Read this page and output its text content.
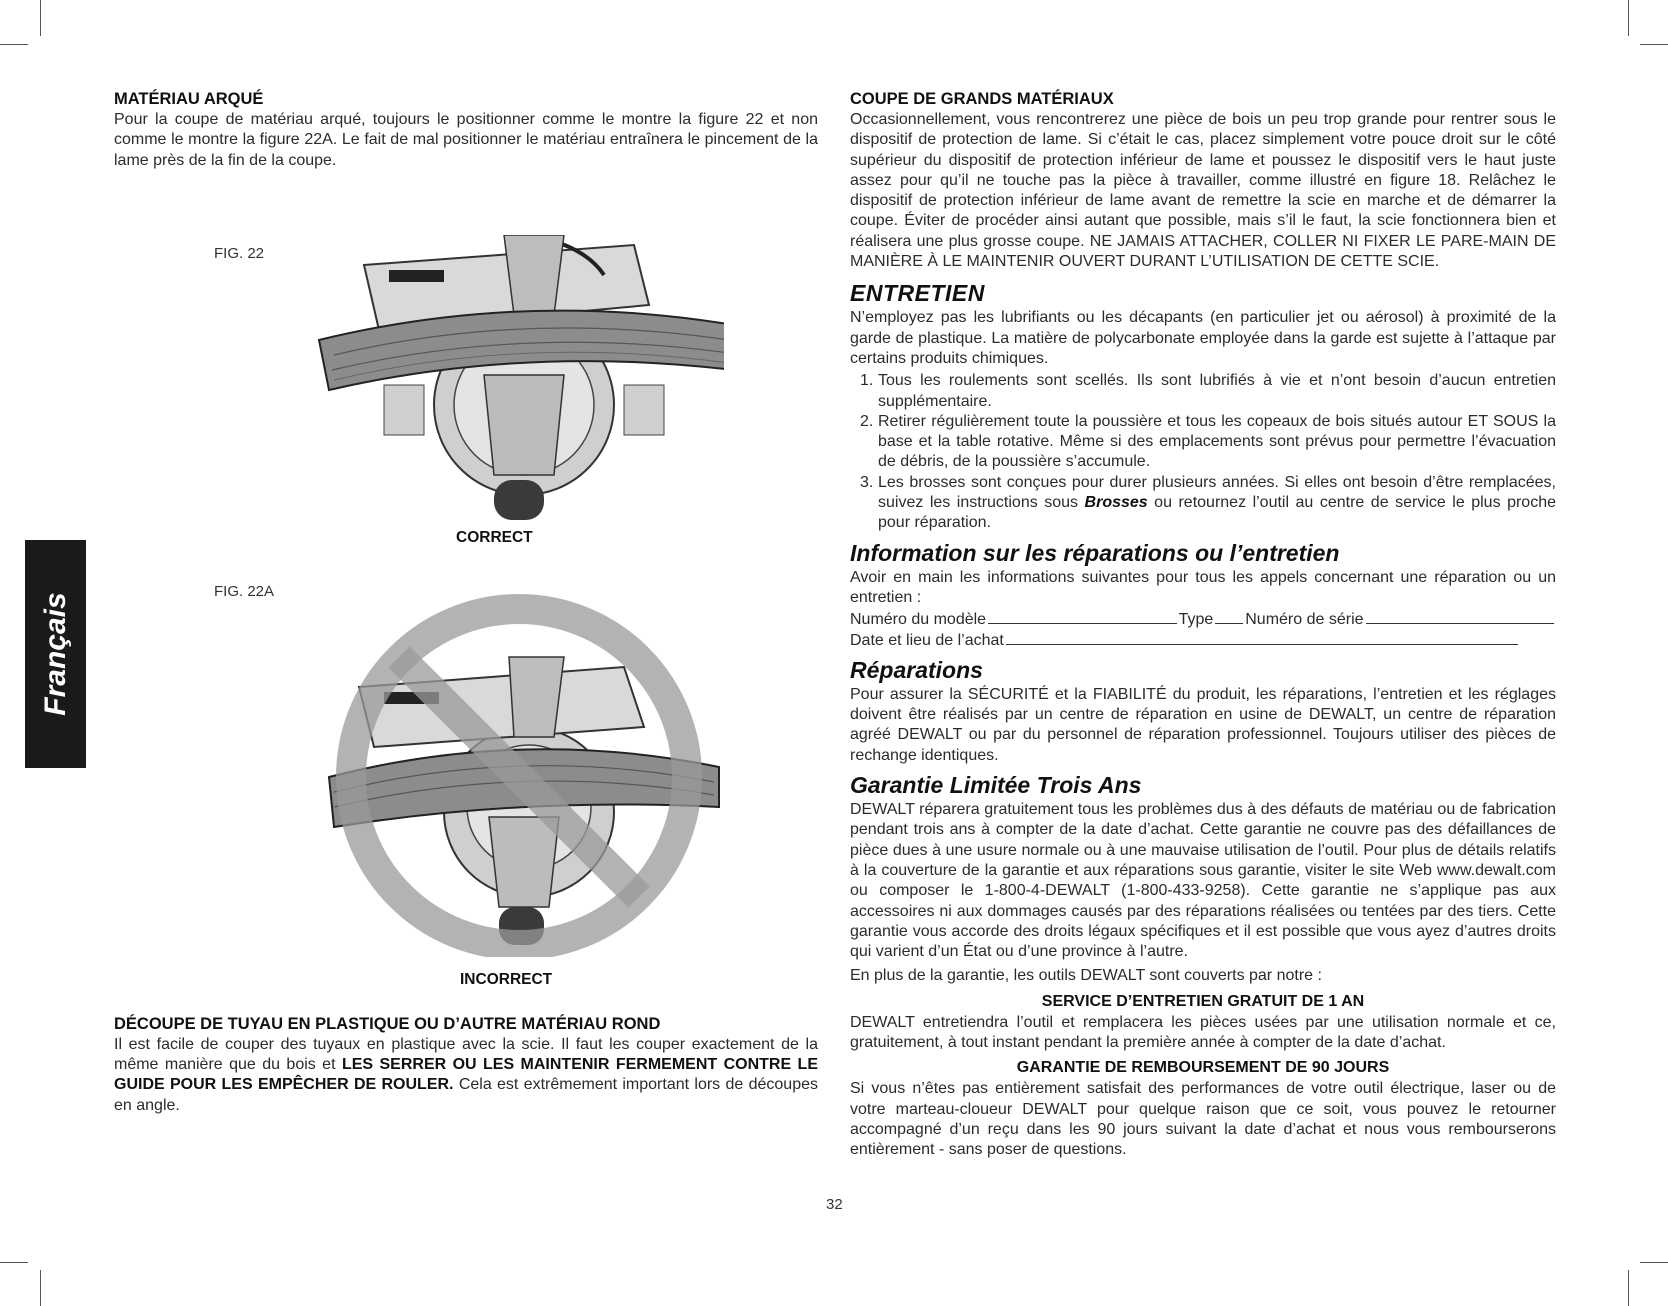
Français
MATÉRIAU ARQUÉ

Pour la coupe de matériau arqué, toujours le positionner comme le montre la figure 22 et non comme le montre la figure 22A. Le fait de mal positionner le matériau entraînera le pincement de la lame près de la fin de la coupe.

FIG. 22
CORRECT
FIG. 22A
INCORRECT
DÉCOUPE DE TUYAU EN PLASTIQUE OU D’AUTRE MATÉRIAU ROND

Il est facile de couper des tuyaux en plastique avec la scie. Il faut les couper exactement de la même manière que du bois et LES SERRER OU LES MAINTENIR FERMEMENT CONTRE LE GUIDE POUR LES EMPÊCHER DE ROULER. Cela est extrêmement important lors de découpes en angle.

COUPE DE GRANDS MATÉRIAUX

Occasionnellement, vous rencontrerez une pièce de bois un peu trop grande pour rentrer sous le dispositif de protection de lame. Si c’était le cas, placez simplement votre pouce droit sur le côté supérieur du dispositif de protection inférieur de lame et poussez le dispositif vers le haut juste assez pour qu’il ne touche pas la pièce à travailler, comme illustré en figure 18. Relâchez le dispositif de protection inférieur de lame avant de remettre la scie en marche et de démarrer la coupe. Éviter de procéder ainsi autant que possible, mais s’il le faut, la scie fonctionnera bien et réalisera une plus grosse coupe. NE JAMAIS ATTACHER, COLLER NI FIXER LE PARE-MAIN DE MANIÈRE À LE MAINTENIR OUVERT DURANT L’UTILISATION DE CETTE SCIE.

ENTRETIEN

N’employez pas les lubrifiants ou les décapants (en particulier jet ou aérosol) à proximité de la garde de plastique. La matière de polycarbonate employée dans la garde est sujette à l’attaque par certains produits chimiques.

1. Tous les roulements sont scellés. Ils sont lubrifiés à vie et n’ont besoin d’aucun entretien supplémentaire.
2. Retirer régulièrement toute la poussière et tous les copeaux de bois situés autour ET SOUS la base et la table rotative. Même si des emplacements sont prévus pour permettre l’évacuation de débris, de la poussière s’accumule.
3. Les brosses sont conçues pour durer plusieurs années. Si elles ont besoin d’être remplacées, suivez les instructions sous Brosses ou retournez l’outil au centre de service le plus proche pour réparation.
Information sur les réparations ou l’entretien

Avoir en main les informations suivantes pour tous les appels concernant une réparation ou un entretien :

Numéro du modèle	Type Numéro de série
Date et lieu de l’achat
Réparations

Pour assurer la SÉCURITÉ et la FIABILITÉ du produit, les réparations, l’entretien et les réglages doivent être réalisés par un centre de réparation en usine de DEWALT, un centre de réparation agréé DEWALT ou par du personnel de réparation professionnel. Toujours utiliser des pièces de rechange identiques.

Garantie Limitée Trois Ans

DEWALT réparera gratuitement tous les problèmes dus à des défauts de matériau ou de fabrication pendant trois ans à compter de la date d’achat. Cette garantie ne couvre pas des défaillances de pièce dues à une usure normale ou à une mauvaise utilisation de l’outil. Pour plus de détails relatifs à la couverture de la garantie et aux réparations sous garantie, visiter le site Web www.dewalt.com ou composer le 1-800-4-DEWALT (1-800-433-9258). Cette garantie ne s’applique pas aux accessoires ni aux dommages causés par des réparations réalisées ou tentées par des tiers. Cette garantie vous accorde des droits légaux spécifiques et il est possible que vous ayez d’autres droits qui varient d’un État ou d’une province à l’autre.

En plus de la garantie, les outils DEWALT sont couverts par notre :

SERVICE D’ENTRETIEN GRATUIT DE 1 AN

DEWALT entretiendra l’outil et remplacera les pièces usées par une utilisation normale et ce, gratuitement, à tout instant pendant la première année à compter de la date d’achat.

GARANTIE DE REMBOURSEMENT DE 90 JOURS

Si vous n’êtes pas entièrement satisfait des performances de votre outil électrique, laser ou de votre marteau-cloueur DEWALT pour quelque raison que ce soit, vous pouvez le retourner accompagné d’un reçu dans les 90 jours suivant la date d’achat et nous vous rembourserons entièrement - sans poser de questions.

32
